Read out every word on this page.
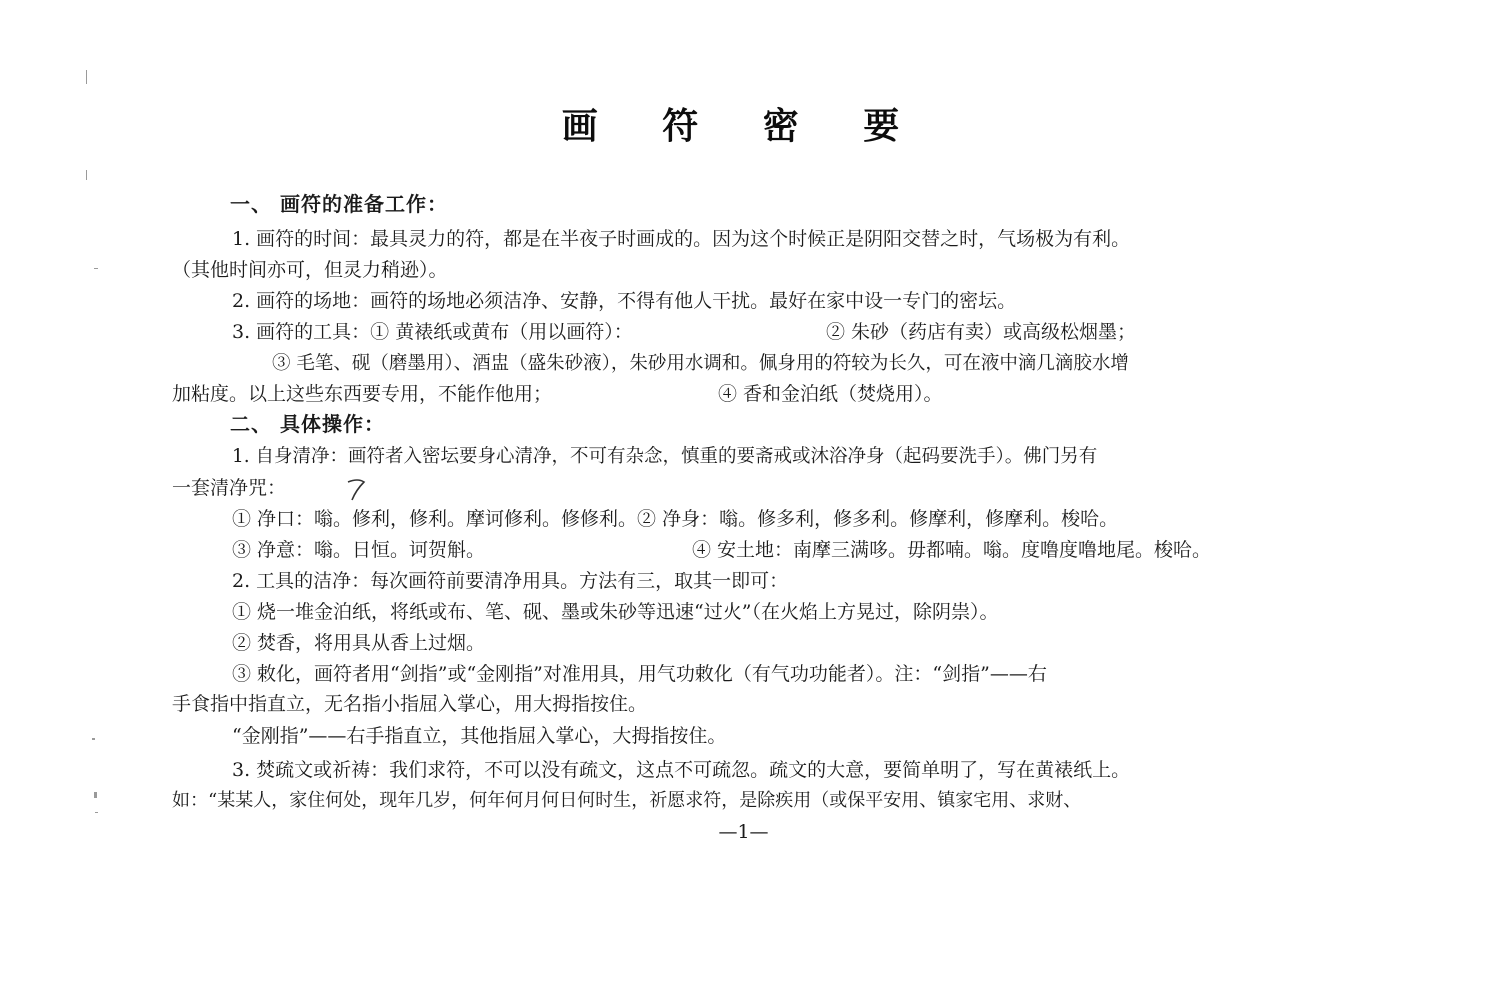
画 符 密 要
一、 画符的准备工作：
1. 画符的时间：最具灵力的符，都是在半夜子时画成的。因为这个时候正是阴阳交替之时，气场极为有利。
（其他时间亦可，但灵力稍逊）。
2. 画符的场地：画符的场地必须洁净、安静，不得有他人干扰。最好在家中设一专门的密坛。
3. 画符的工具：① 黄裱纸或黄布（用以画符）：	② 朱砂（药店有卖）或高级松烟墨；
③ 毛笔、砚（磨墨用）、酒盅（盛朱砂液），朱砂用水调和。佩身用的符较为长久，可在液中滴几滴胶水增
加粘度。以上这些东西要专用，不能作他用；	④ 香和金泊纸（焚烧用）。
二、 具体操作：
1. 自身清净：画符者入密坛要身心清净，不可有杂念，慎重的要斋戒或沐浴净身（起码要洗手）。佛门另有
一套清净咒：
① 净口：嗡。修利，修利。摩诃修利。修修利。② 净身：嗡。修多利，修多利。修摩利，修摩利。梭哈。
③ 净意：嗡。日恒。诃贺斛。	④ 安土地：南摩三满哆。毋都喃。嗡。度噜度噜地尾。梭哈。
2. 工具的洁净：每次画符前要清净用具。方法有三，取其一即可：
① 烧一堆金泊纸，将纸或布、笔、砚、墨或朱砂等迅速“过火”（在火焰上方晃过，除阴祟）。
② 焚香，将用具从香上过烟。
③ 敕化，画符者用“剑指”或“金刚指”对准用具，用气功敕化（有气功功能者）。注：“剑指”——右
手食指中指直立，无名指小指屈入掌心，用大拇指按住。
“金刚指”——右手指直立，其他指屈入掌心，大拇指按住。
3. 焚疏文或祈祷：我们求符，不可以没有疏文，这点不可疏忽。疏文的大意，要简单明了，写在黄裱纸上。
如：“某某人，家住何处，现年几岁，何年何月何日何时生，祈愿求符，是除疾用（或保平安用、镇家宅用、求财、
—1—
